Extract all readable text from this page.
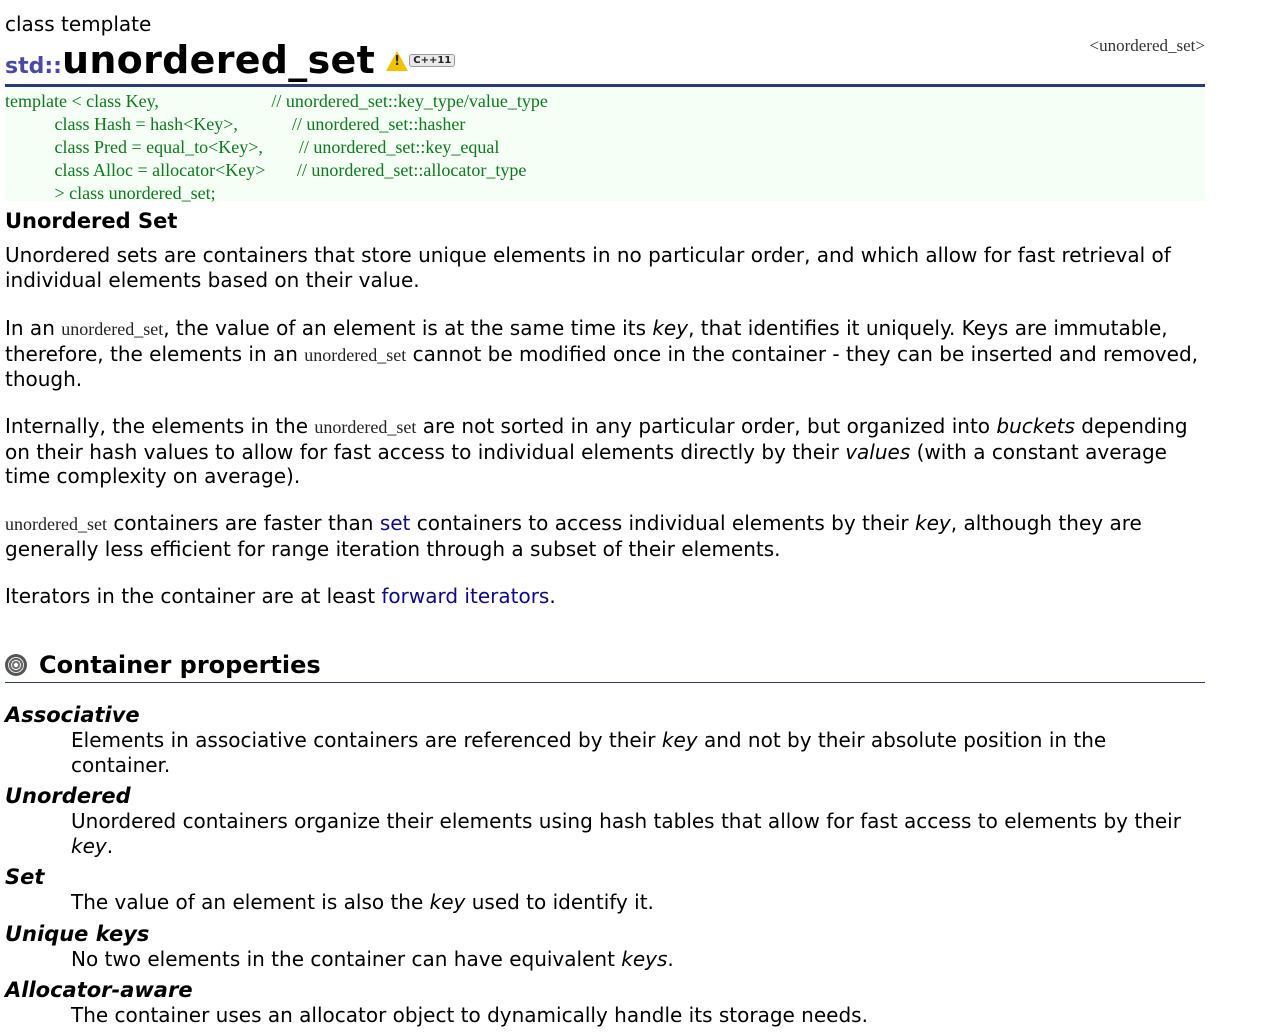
class template
<unordered_set>
std::unordered_set !	C++11
template < class Key,                         // unordered_set::key_type/value_type
class Hash = hash<Key>,            // unordered_set::hasher
class Pred = equal_to<Key>,        // unordered_set::key_equal
class Alloc = allocator<Key>       // unordered_set::allocator_type
> class unordered_set;
Unordered Set
Unordered sets are containers that store unique elements in no particular order, and which allow for fast retrieval of individual elements based on their value.
In an unordered_set, the value of an element is at the same time its key, that identifies it uniquely. Keys are immutable, therefore, the elements in an unordered_set cannot be modified once in the container - they can be inserted and removed, though.
Internally, the elements in the unordered_set are not sorted in any particular order, but organized into buckets depending on their hash values to allow for fast access to individual elements directly by their values (with a constant average time complexity on average).
unordered_set containers are faster than set containers to access individual elements by their key, although they are generally less efficient for range iteration through a subset of their elements.
Iterators in the container are at least forward iterators.
Container properties
Associative
Elements in associative containers are referenced by their key and not by their absolute position in the container.
Unordered
Unordered containers organize their elements using hash tables that allow for fast access to elements by their key.
Set
The value of an element is also the key used to identify it.
Unique keys
No two elements in the container can have equivalent keys.
Allocator-aware
The container uses an allocator object to dynamically handle its storage needs.
